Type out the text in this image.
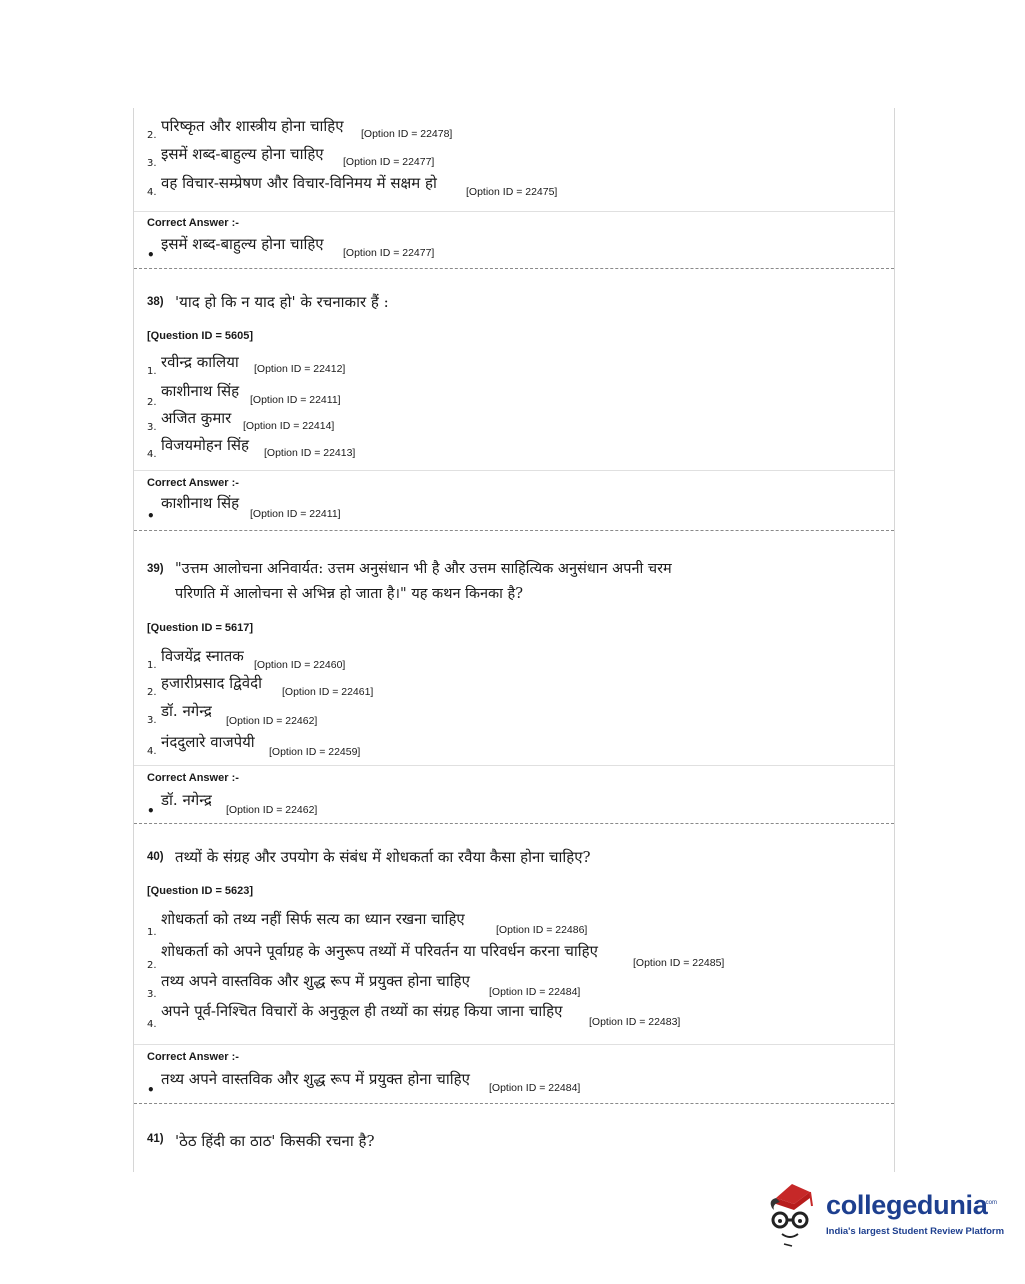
2.
परिष्कृत और शास्त्रीय होना चाहिए [Option ID = 22478]
3.
इसमें शब्द-बाहुल्य होना चाहिए [Option ID = 22477]
4.
वह विचार-सम्प्रेषण और विचार-विनिमय में सक्षम हो	[Option ID = 22475]
Correct Answer :-
•
इसमें शब्द-बाहुल्य होना चाहिए [Option ID = 22477]
38) 'याद हो कि न याद हो' के रचनाकार हैं :
[Question ID = 5605]
1.
रवीन्द्र कालिया [Option ID = 22412]
2.
काशीनाथ सिंह [Option ID = 22411]
3.
अजित कुमार [Option ID = 22414]
4.
विजयमोहन सिंह [Option ID = 22413]
Correct Answer :-
•
काशीनाथ सिंह
[Option ID = 22411]
39) "उत्तम आलोचना अनिवार्यत: उत्तम अनुसंधान भी है और उत्तम साहित्यिक अनुसंधान अपनी चरम
परिणति में आलोचना से अभिन्न हो जाता है।" यह कथन किनका है?
[Question ID = 5617]
1.
विजयेंद्र स्नातक [Option ID = 22460]
2.
हजारीप्रसाद द्विवेदी [Option ID = 22461]
3.
डॉ. नगेन्द्र
[Option ID = 22462]
4.
नंददुलारे वाजपेयी
[Option ID = 22459]
Correct Answer :-
•
डॉ. नगेन्द्र
[Option ID = 22462]
40) तथ्यों के संग्रह और उपयोग के संबंध में शोधकर्ता का रवैया कैसा होना चाहिए?
[Question ID = 5623]
1.
शोधकर्ता को तथ्य नहीं सिर्फ सत्य का ध्यान रखना चाहिए
[Option ID = 22486]
2.
शोधकर्ता को अपने पूर्वाग्रह के अनुरूप तथ्यों में परिवर्तन या परिवर्धन करना चाहिए
[Option ID = 22485]
3.
तथ्य अपने वास्तविक और शुद्ध रूप में प्रयुक्त होना चाहिए
[Option ID = 22484]
4.
अपने पूर्व-निश्चित विचारों के अनुकूल ही तथ्यों का संग्रह किया जाना चाहिए
[Option ID = 22483]
Correct Answer :-
•
तथ्य अपने वास्तविक और शुद्ध रूप में प्रयुक्त होना चाहिए [Option ID = 22484]
41) 'ठेठ हिंदी का ठाठ' किसकी रचना है?
collegedunia
.com
India's largest Student Review Platform
